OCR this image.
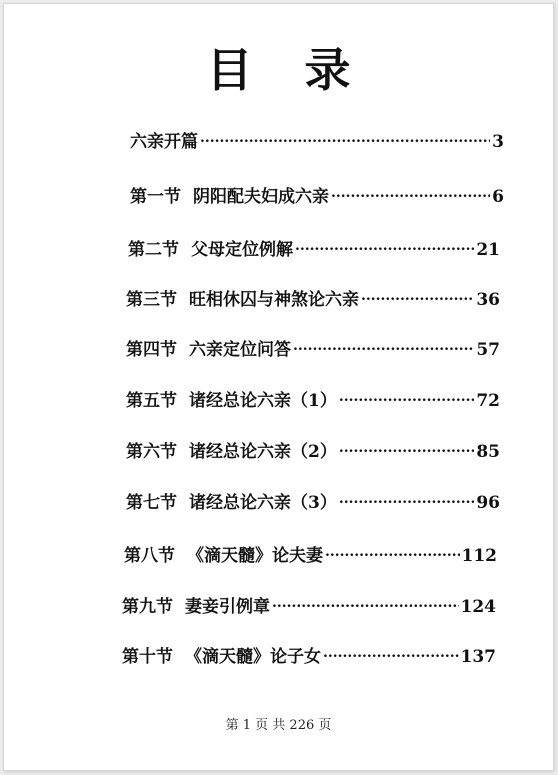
目 录
六亲开篇 .....	3
第一节 阴阳配夫妇成六亲 .....	6
第二节 父母定位例解 .....	21
第三节 旺相休囚与神煞论六亲 .....	36
第四节 六亲定位问答 .....	57
第五节 诸经总论六亲（1） .....	72
第六节 诸经总论六亲（2） .....	85
第七节 诸经总论六亲（3） .....	96
第八节 《滴天髓》论夫妻 .....	112
第九节 妻妾引例章 .....	124
第十节 《滴天髓》论子女 .....	137
第 1 页 共 226 页
